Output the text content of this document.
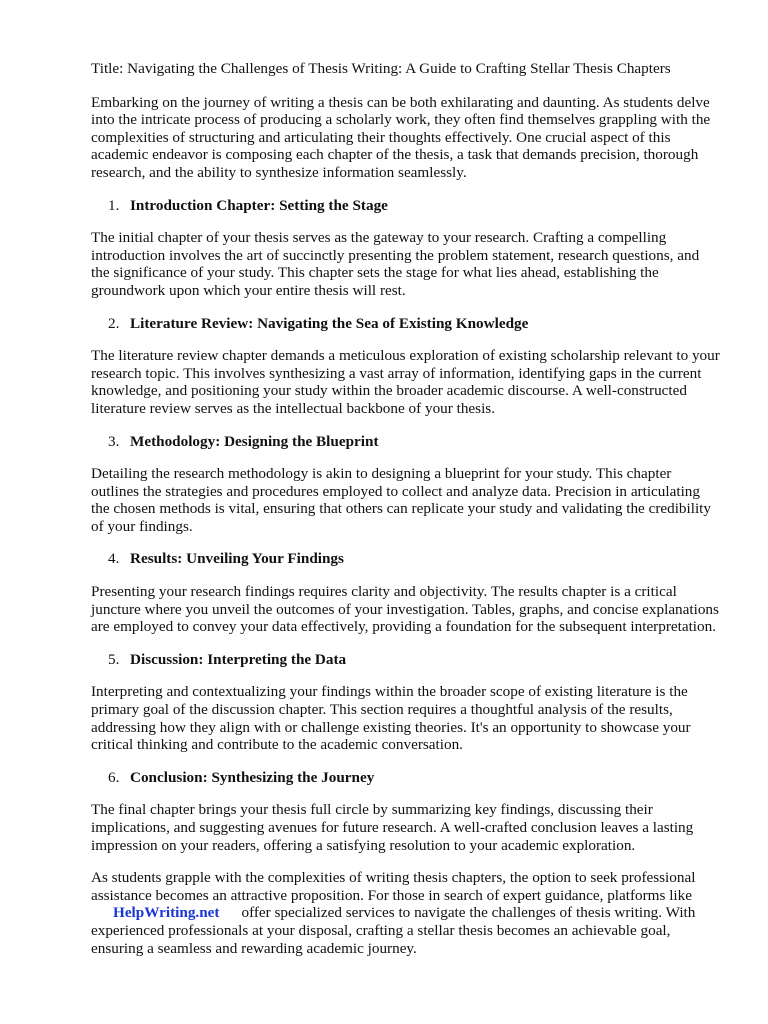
Title: Navigating the Challenges of Thesis Writing: A Guide to Crafting Stellar Thesis Chapters

Embarking on the journey of writing a thesis can be both exhilarating and daunting. As students delve into the intricate process of producing a scholarly work, they often find themselves grappling with the complexities of structuring and articulating their thoughts effectively. One crucial aspect of this academic endeavor is composing each chapter of the thesis, a task that demands precision, thorough research, and the ability to synthesize information seamlessly.

1. Introduction Chapter: Setting the Stage

The initial chapter of your thesis serves as the gateway to your research. Crafting a compelling introduction involves the art of succinctly presenting the problem statement, research questions, and the significance of your study. This chapter sets the stage for what lies ahead, establishing the groundwork upon which your entire thesis will rest.

2. Literature Review: Navigating the Sea of Existing Knowledge

The literature review chapter demands a meticulous exploration of existing scholarship relevant to your research topic. This involves synthesizing a vast array of information, identifying gaps in the current knowledge, and positioning your study within the broader academic discourse. A well-constructed literature review serves as the intellectual backbone of your thesis.

3. Methodology: Designing the Blueprint

Detailing the research methodology is akin to designing a blueprint for your study. This chapter outlines the strategies and procedures employed to collect and analyze data. Precision in articulating the chosen methods is vital, ensuring that others can replicate your study and validating the credibility of your findings.

4. Results: Unveiling Your Findings

Presenting your research findings requires clarity and objectivity. The results chapter is a critical juncture where you unveil the outcomes of your investigation. Tables, graphs, and concise explanations are employed to convey your data effectively, providing a foundation for the subsequent interpretation.

5. Discussion: Interpreting the Data

Interpreting and contextualizing your findings within the broader scope of existing literature is the primary goal of the discussion chapter. This section requires a thoughtful analysis of the results, addressing how they align with or challenge existing theories. It's an opportunity to showcase your critical thinking and contribute to the academic conversation.

6. Conclusion: Synthesizing the Journey

The final chapter brings your thesis full circle by summarizing key findings, discussing their implications, and suggesting avenues for future research. A well-crafted conclusion leaves a lasting impression on your readers, offering a satisfying resolution to your academic exploration.

As students grapple with the complexities of writing thesis chapters, the option to seek professional
assistance becomes an attractive proposition. For those in search of expert guidance, platforms like
HelpWriting.net offer specialized services to navigate the challenges of thesis writing. With
experienced professionals at your disposal, crafting a stellar thesis becomes an achievable goal,
ensuring a seamless and rewarding academic journey.
